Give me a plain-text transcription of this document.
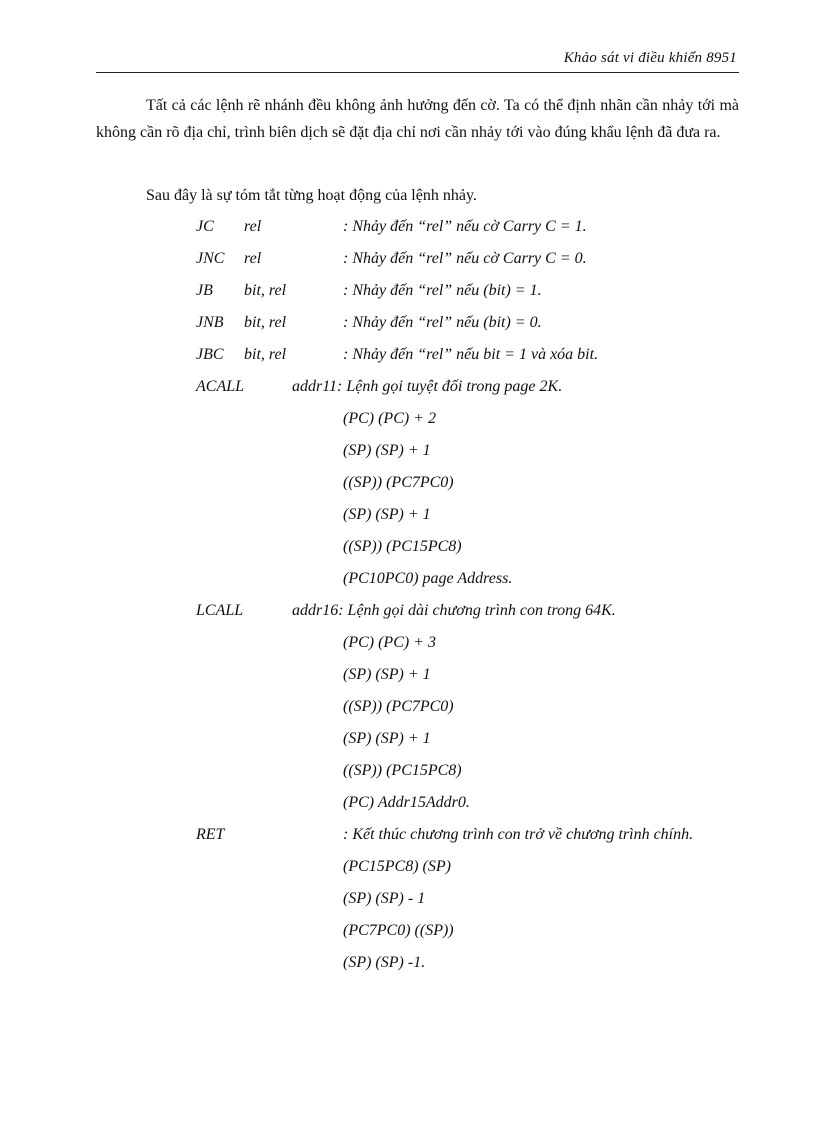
Khảo sát vi điều khiển 8951
Tất cả các lệnh rẽ nhánh đều không ảnh hưởng đến cờ. Ta có thể định nhãn cần nhảy tới mà không cần rõ địa chỉ, trình biên dịch sẽ đặt địa chỉ nơi cần nhảy tới vào đúng khẩu lệnh đã đưa ra.
Sau đây là sự tóm tắt từng hoạt động của lệnh nhảy.
JC rel	: Nhảy đến “rel” nếu cờ Carry C = 1.
JNC rel	: Nhảy đến “rel” nếu cờ Carry C = 0.
JB bit, rel	: Nhảy đến “rel” nếu (bit) = 1.
JNB bit, rel	: Nhảy đến “rel” nếu (bit) = 0.
JBC bit, rel	: Nhảy đến “rel” nếu bit = 1 và xóa bit.
ACALL	addr11: Lệnh gọi tuyệt đối trong page 2K.
(PC) (PC) + 2
(SP) (SP) + 1
((SP)) (PC7PC0)
(SP) (SP) + 1
((SP)) (PC15PC8)
(PC10PC0) page Address.
LCALL	addr16: Lệnh gọi dài chương trình con trong 64K.
(PC) (PC) + 3
(SP) (SP) + 1
((SP)) (PC7PC0)
(SP) (SP) + 1
((SP)) (PC15PC8)
(PC) Addr15Addr0.
RET	: Kết thúc chương trình con trở về chương trình chính.
(PC15PC8) (SP)
(SP) (SP) - 1
(PC7PC0) ((SP))
(SP) (SP) -1.
